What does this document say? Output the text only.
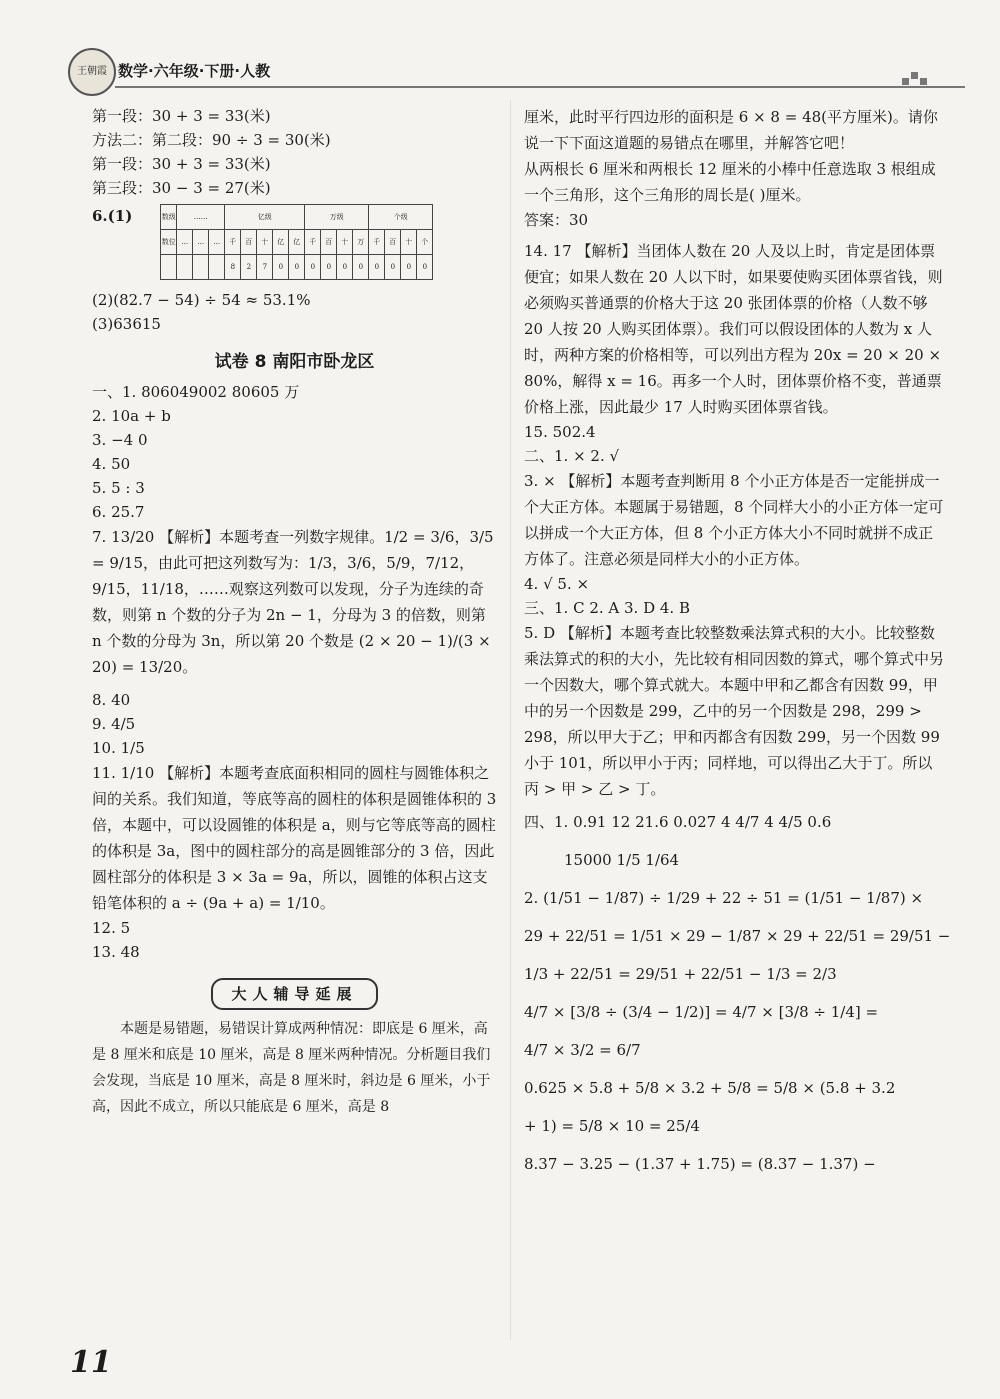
王朝霞 数学·六年级·下册·人教

第一段：30 + 3 = 33(米)

方法二：第二段：90 ÷ 3 = 30(米)

第一段：30 + 3 = 33(米)

第三段：30 − 3 = 27(米)

6.(1)	数级	……			亿级					万级				个级			
数位	…	…	…	千	百	十	亿	亿	千	百	十	万	千	百	十	个
				8	2	7	0	0	0	0	0	0	0	0	0	0

(2)(82.7 − 54) ÷ 54 ≈ 53.1%

(3)63615

试卷 8 南阳市卧龙区

一、1. 806049002 80605 万

2. 10a + b

3. −4 0

4. 50

5. 5 : 3

6. 25.7

7. 13/20 【解析】本题考查一列数字规律。1/2 = 3/6，3/5 = 9/15，由此可把这列数写为：1/3，3/6，5/9，7/12，9/15，11/18，……观察这列数可以发现，分子为连续的奇数，则第 n 个数的分子为 2n − 1，分母为 3 的倍数，则第 n 个数的分母为 3n，所以第 20 个数是 (2 × 20 − 1)/(3 × 20) = 13/20。

8. 40

9. 4/5

10. 1/5

11. 1/10 【解析】本题考查底面积相同的圆柱与圆锥体积之间的关系。我们知道，等底等高的圆柱的体积是圆锥体积的 3 倍，本题中，可以设圆锥的体积是 a，则与它等底等高的圆柱的体积是 3a，图中的圆柱部分的高是圆锥部分的 3 倍，因此圆柱部分的体积是 3 × 3a = 9a，所以，圆锥的体积占这支铅笔体积的 a ÷ (9a + a) = 1/10。

12. 5

13. 48

大人辅导延展

本题是易错题，易错误计算成两种情况：即底是 6 厘米，高是 8 厘米和底是 10 厘米，高是 8 厘米两种情况。分析题目我们会发现，当底是 10 厘米，高是 8 厘米时，斜边是 6 厘米，小于高，因此不成立，所以只能底是 6 厘米，高是 8

厘米，此时平行四边形的面积是 6 × 8 = 48(平方厘米)。请你说一下下面这道题的易错点在哪里，并解答它吧！

从两根长 6 厘米和两根长 12 厘米的小棒中任意选取 3 根组成一个三角形，这个三角形的周长是( )厘米。

答案：30

14. 17 【解析】当团体人数在 20 人及以上时，肯定是团体票便宜；如果人数在 20 人以下时，如果要使购买团体票省钱，则必须购买普通票的价格大于这 20 张团体票的价格（人数不够 20 人按 20 人购买团体票）。我们可以假设团体的人数为 x 人时，两种方案的价格相等，可以列出方程为 20x = 20 × 20 × 80%，解得 x = 16。再多一个人时，团体票价格不变，普通票价格上涨，因此最少 17 人时购买团体票省钱。

15. 502.4

二、1. × 2. √

3. × 【解析】本题考查判断用 8 个小正方体是否一定能拼成一个大正方体。本题属于易错题，8 个同样大小的小正方体一定可以拼成一个大正方体，但 8 个小正方体大小不同时就拼不成正方体了。注意必须是同样大小的小正方体。

4. √ 5. ×

三、1. C 2. A 3. D 4. B

5. D 【解析】本题考查比较整数乘法算式积的大小。比较整数乘法算式的积的大小，先比较有相同因数的算式，哪个算式中另一个因数大，哪个算式就大。本题中甲和乙都含有因数 99，甲中的另一个因数是 299，乙中的另一个因数是 298，299 > 298，所以甲大于乙；甲和丙都含有因数 299，另一个因数 99 小于 101，所以甲小于丙；同样地，可以得出乙大于丁。所以丙 > 甲 > 乙 > 丁。

四、1. 0.91 12 21.6 0.027 4 4/7 4 4/5 0.6

15000 1/5 1/64

2. (1/51 − 1/87) ÷ 1/29 + 22 ÷ 51 = (1/51 − 1/87) ×

29 + 22/51 = 1/51 × 29 − 1/87 × 29 + 22/51 = 29/51 −

1/3 + 22/51 = 29/51 + 22/51 − 1/3 = 2/3

4/7 × [3/8 ÷ (3/4 − 1/2)] = 4/7 × [3/8 ÷ 1/4] =

4/7 × 3/2 = 6/7

0.625 × 5.8 + 5/8 × 3.2 + 5/8 = 5/8 × (5.8 + 3.2

+ 1) = 5/8 × 10 = 25/4

8.37 − 3.25 − (1.37 + 1.75) = (8.37 − 1.37) −

11
